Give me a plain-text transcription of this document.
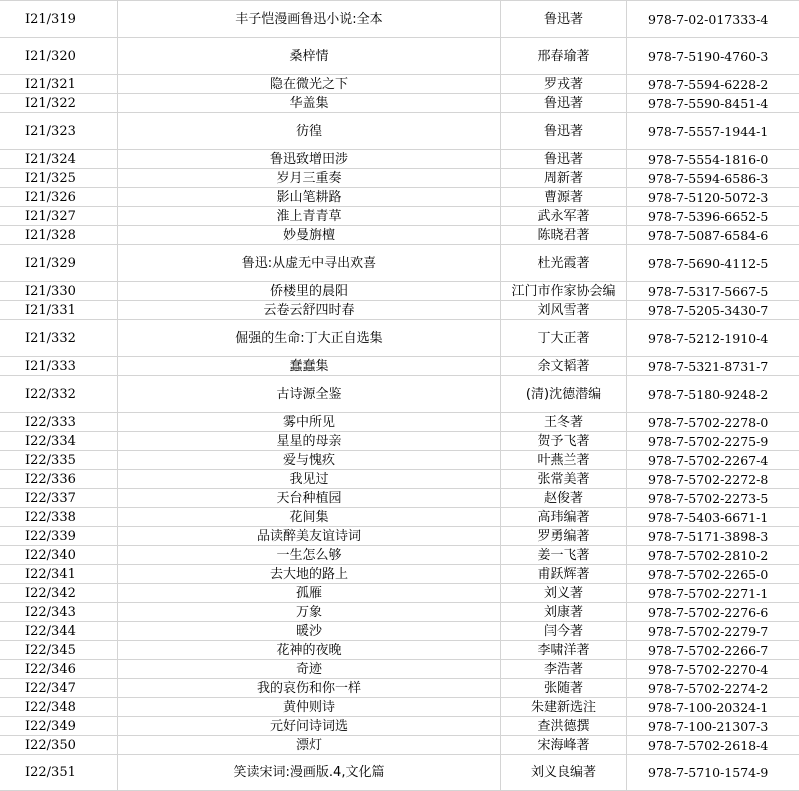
I21/319	丰子恺漫画鲁迅小说:全本	鲁迅著	978-7-02-017333-4
I21/320	桑梓情	邢春瑜著	978-7-5190-4760-3
I21/321	隐在微光之下	罗戎著	978-7-5594-6228-2
I21/322	华盖集	鲁迅著	978-7-5590-8451-4
I21/323	彷徨	鲁迅著	978-7-5557-1944-1
I21/324	鲁迅致增田涉	鲁迅著	978-7-5554-1816-0
I21/325	岁月三重奏	周新著	978-7-5594-6586-3
I21/326	影山笔耕路	曹源著	978-7-5120-5072-3
I21/327	淮上青青草	武永军著	978-7-5396-6652-5
I21/328	妙曼旃檀	陈晓君著	978-7-5087-6584-6
I21/329	鲁迅:从虚无中寻出欢喜	杜光霞著	978-7-5690-4112-5
I21/330	侨楼里的晨阳	江门市作家协会编	978-7-5317-5667-5
I21/331	云卷云舒四时春	刘风雪著	978-7-5205-3430-7
I21/332	倔强的生命:丁大正自选集	丁大正著	978-7-5212-1910-4
I21/333	蠢蠢集	余文韬著	978-7-5321-8731-7
I22/332	古诗源全鉴	(清)沈德潜编	978-7-5180-9248-2
I22/333	雾中所见	王冬著	978-7-5702-2278-0
I22/334	星星的母亲	贺予飞著	978-7-5702-2275-9
I22/335	爱与愧疚	叶燕兰著	978-7-5702-2267-4
I22/336	我见过	张常美著	978-7-5702-2272-8
I22/337	天台种植园	赵俊著	978-7-5702-2273-5
I22/338	花间集	高玮编著	978-7-5403-6671-1
I22/339	品读醉美友谊诗词	罗勇编著	978-7-5171-3898-3
I22/340	一生怎么够	姜一飞著	978-7-5702-2810-2
I22/341	去大地的路上	甫跃辉著	978-7-5702-2265-0
I22/342	孤雁	刘义著	978-7-5702-2271-1
I22/343	万象	刘康著	978-7-5702-2276-6
I22/344	暖沙	闫今著	978-7-5702-2279-7
I22/345	花神的夜晚	李啸洋著	978-7-5702-2266-7
I22/346	奇迹	李浩著	978-7-5702-2270-4
I22/347	我的哀伤和你一样	张随著	978-7-5702-2274-2
I22/348	黄仲则诗	朱建新选注	978-7-100-20324-1
I22/349	元好问诗词选	查洪德撰	978-7-100-21307-3
I22/350	漂灯	宋海峰著	978-7-5702-2618-4
I22/351	笑读宋词:漫画版.4,文化篇	刘义良编著	978-7-5710-1574-9
